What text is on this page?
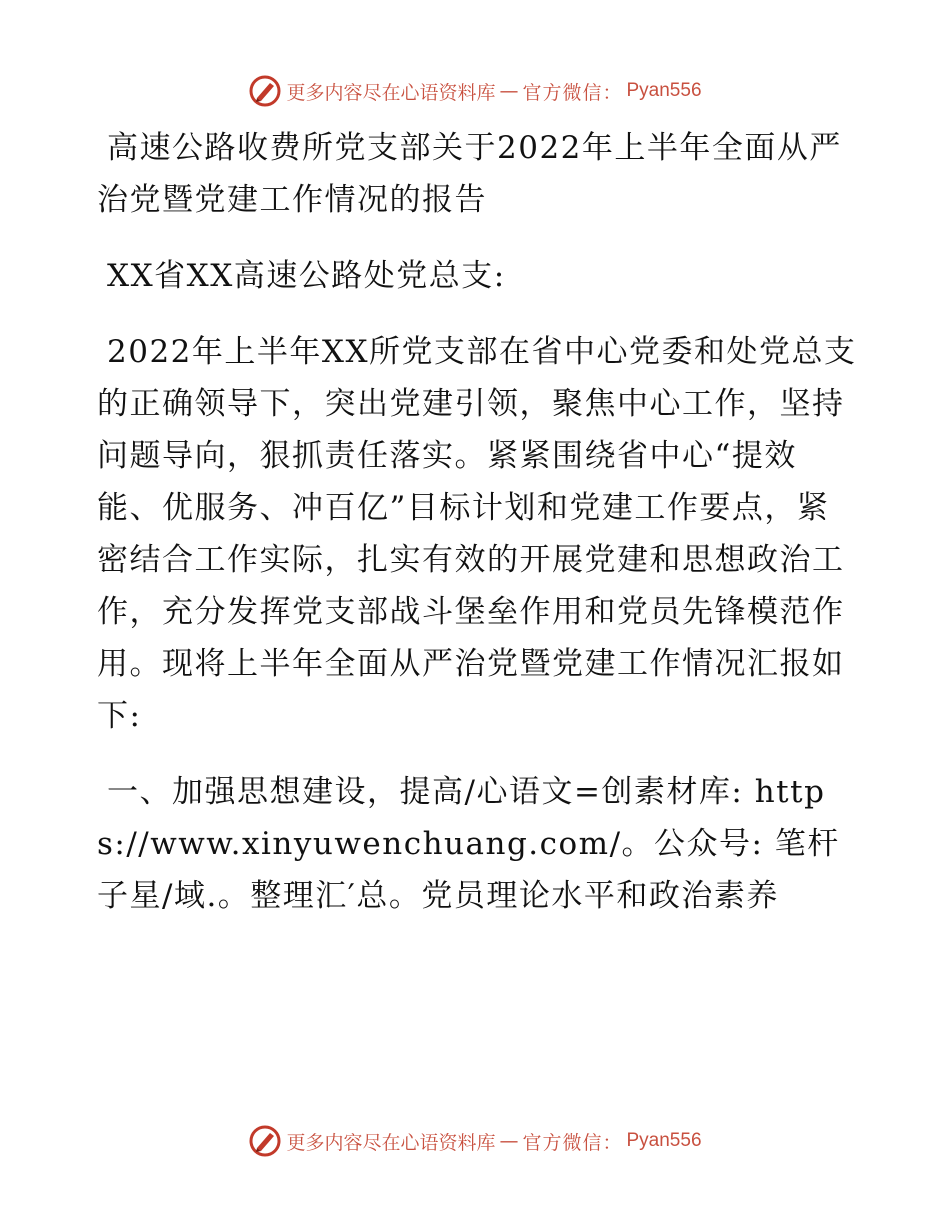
更多内容尽在心语资料库 — 官方微信： Pyan556

高速公路收费所党支部关于2022年上半年全面从严治党暨党建工作情况的报告

XX省XX高速公路处党总支:

2022年上半年XX所党支部在省中心党委和处党总支的正确领导下，突出党建引领，聚焦中心工作，坚持问题导向，狠抓责任落实。紧紧围绕省中心“提效能、优服务、冲百亿”目标计划和党建工作要点，紧密结合工作实际，扎实有效的开展党建和思想政治工作，充分发挥党支部战斗堡垒作用和党员先锋模范作用。现将上半年全面从严治党暨党建工作情况汇报如下:

一、加强思想建设，提高/心语文=创素材库: https://www.xinyuwenchuang.com/。公众号: 笔杆子星/域.。整理汇′总。党员理论水平和政治素养

更多内容尽在心语资料库 — 官方微信： Pyan556
